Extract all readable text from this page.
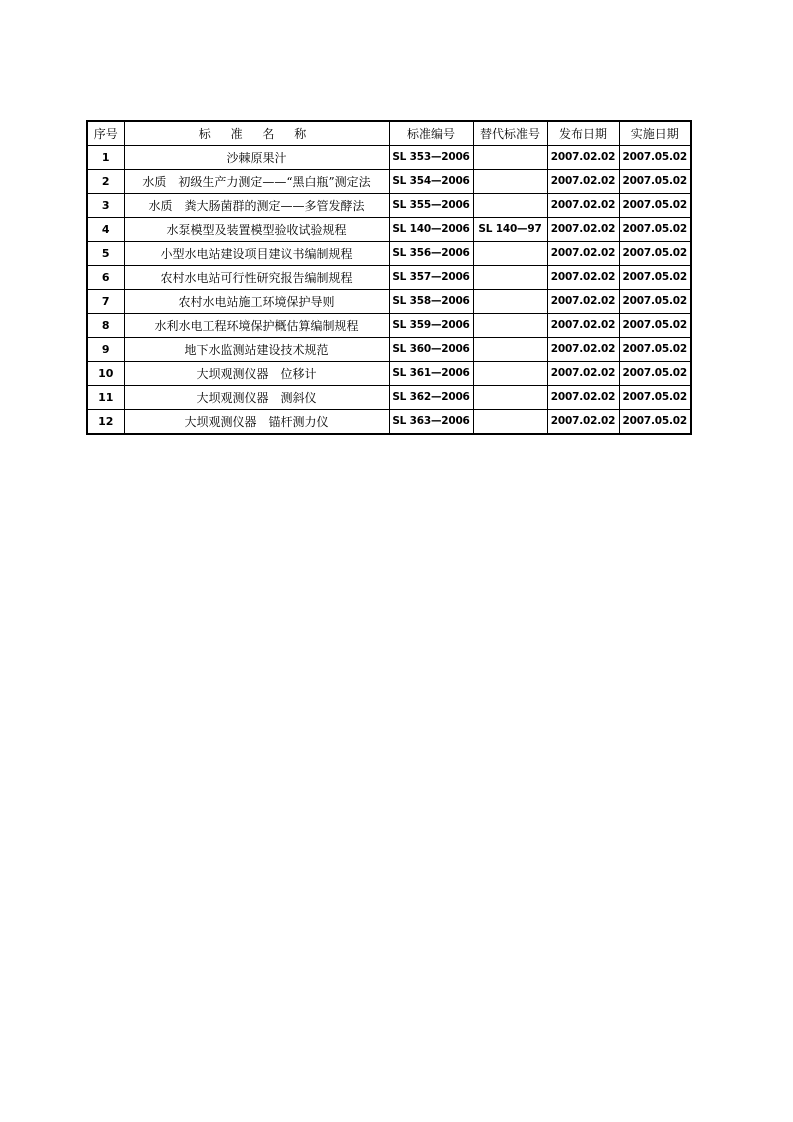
序号	标 准 名 称	标准编号	替代标准号	发布日期	实施日期
1	沙棘原果汁	SL 353—2006		2007.02.02	2007.05.02
2	水质　初级生产力测定——“黑白瓶”测定法	SL 354—2006		2007.02.02	2007.05.02
3	水质　粪大肠菌群的测定——多管发酵法	SL 355—2006		2007.02.02	2007.05.02
4	水泵模型及装置模型验收试验规程	SL 140—2006	SL 140—97	2007.02.02	2007.05.02
5	小型水电站建设项目建议书编制规程	SL 356—2006		2007.02.02	2007.05.02
6	农村水电站可行性研究报告编制规程	SL 357—2006		2007.02.02	2007.05.02
7	农村水电站施工环境保护导则	SL 358—2006		2007.02.02	2007.05.02
8	水利水电工程环境保护概估算编制规程	SL 359—2006		2007.02.02	2007.05.02
9	地下水监测站建设技术规范	SL 360—2006		2007.02.02	2007.05.02
10	大坝观测仪器　位移计	SL 361—2006		2007.02.02	2007.05.02
11	大坝观测仪器　测斜仪	SL 362—2006		2007.02.02	2007.05.02
12	大坝观测仪器　锚杆测力仪	SL 363—2006		2007.02.02	2007.05.02
